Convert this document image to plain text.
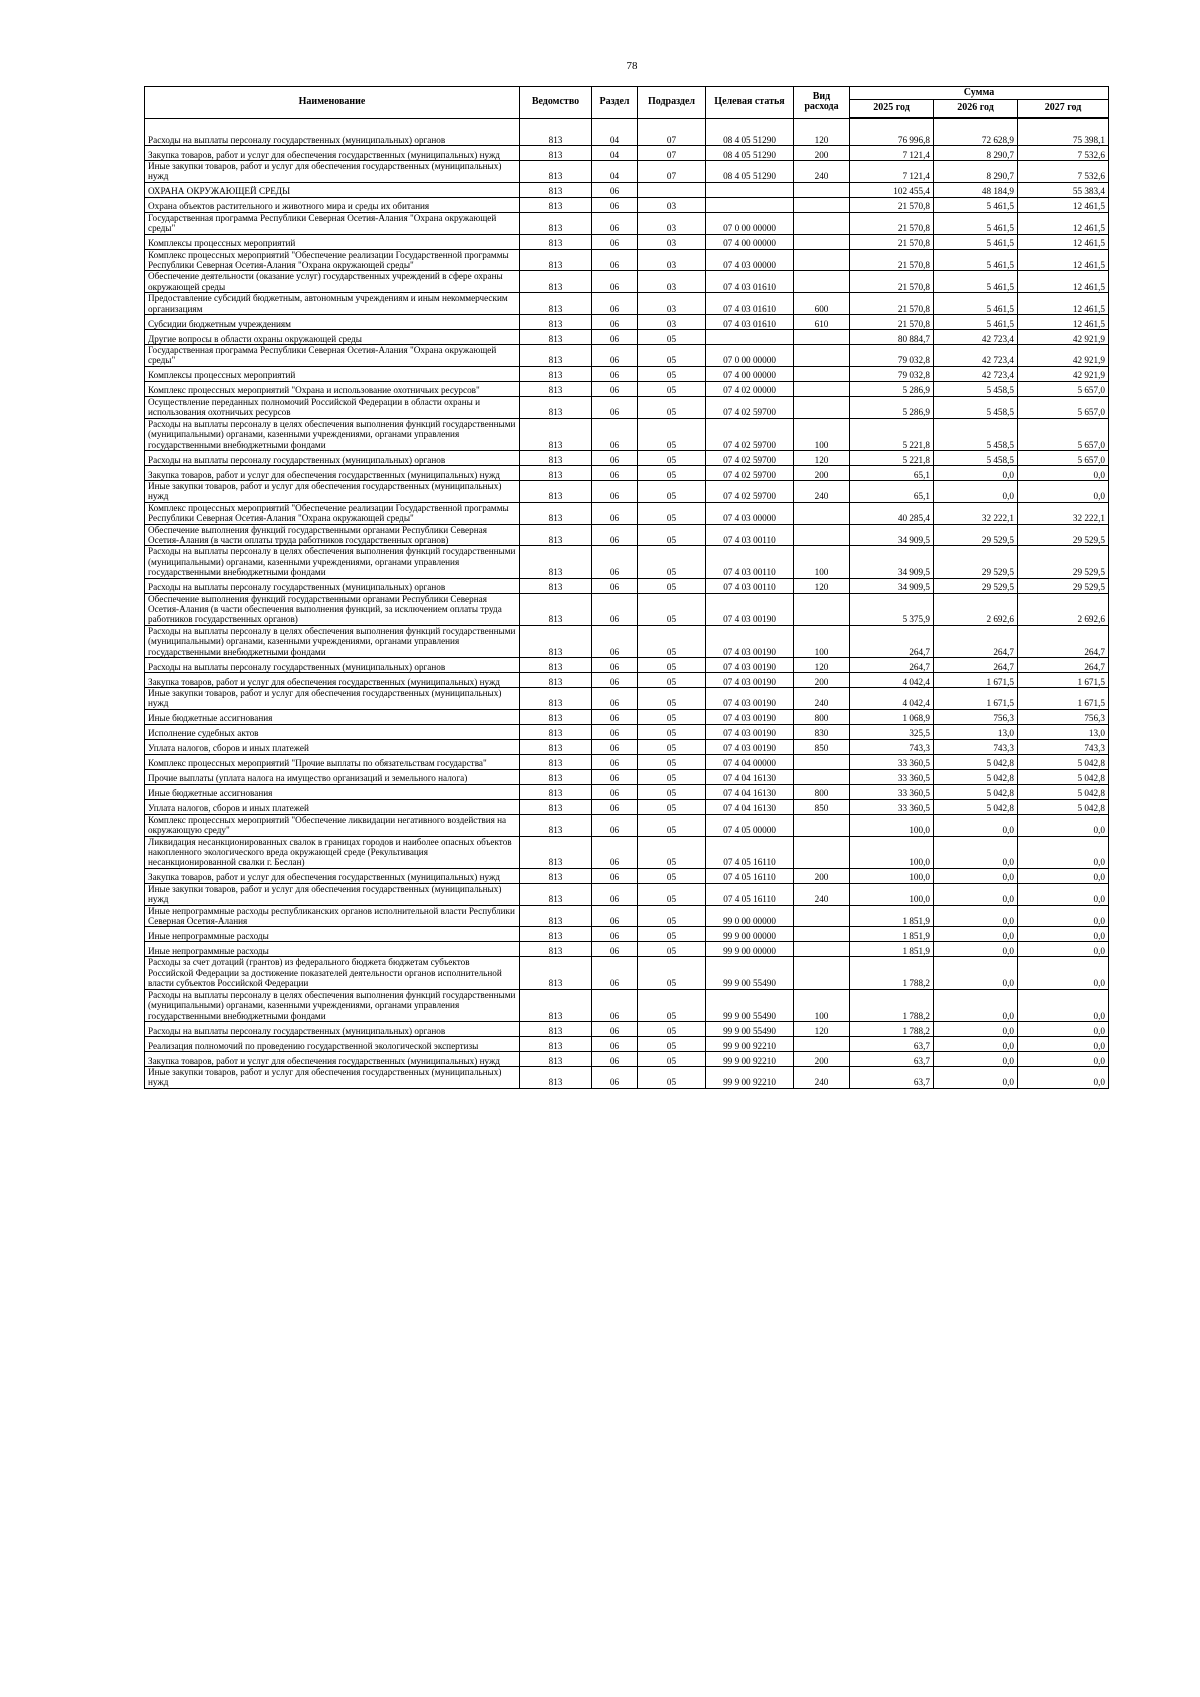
78
Наименование	Ведомство	Раздел	Подраздел	Целевая статья	Вид расхода	Сумма		
						2025 год	2026 год	2027 год
Расходы на выплаты персоналу государственных (муниципальных) органов	813	04	07	08 4 05 51290	120	76 996,8	72 628,9	75 398,1
Закупка товаров, работ и услуг для обеспечения государственных (муниципальных) нужд	813	04	07	08 4 05 51290	200	7 121,4	8 290,7	7 532,6
Иные закупки товаров, работ и услуг для обеспечения государственных (муниципальных) нужд	813	04	07	08 4 05 51290	240	7 121,4	8 290,7	7 532,6
ОХРАНА ОКРУЖАЮЩЕЙ СРЕДЫ	813	06				102 455,4	48 184,9	55 383,4
Охрана объектов растительного и животного мира и среды их обитания	813	06	03			21 570,8	5 461,5	12 461,5
Государственная программа Республики Северная Осетия-Алания "Охрана окружающей среды"	813	06	03	07 0 00 00000		21 570,8	5 461,5	12 461,5
Комплексы процессных мероприятий	813	06	03	07 4 00 00000		21 570,8	5 461,5	12 461,5
Комплекс процессных мероприятий "Обеспечение реализации Государственной программы Республики Северная Осетия-Алания "Охрана окружающей среды"	813	06	03	07 4 03 00000		21 570,8	5 461,5	12 461,5
Обеспечение деятельности (оказание услуг) государственных учреждений в сфере охраны окружающей среды	813	06	03	07 4 03 01610		21 570,8	5 461,5	12 461,5
Предоставление субсидий бюджетным, автономным учреждениям и иным некоммерческим организациям	813	06	03	07 4 03 01610	600	21 570,8	5 461,5	12 461,5
Субсидии бюджетным учреждениям	813	06	03	07 4 03 01610	610	21 570,8	5 461,5	12 461,5
Другие вопросы в области охраны окружающей среды	813	06	05			80 884,7	42 723,4	42 921,9
Государственная программа Республики Северная Осетия-Алания "Охрана окружающей среды"	813	06	05	07 0 00 00000		79 032,8	42 723,4	42 921,9
Комплексы процессных мероприятий	813	06	05	07 4 00 00000		79 032,8	42 723,4	42 921,9
Комплекс процессных мероприятий "Охрана и использование охотничьих ресурсов"	813	06	05	07 4 02 00000		5 286,9	5 458,5	5 657,0
Осуществление переданных полномочий Российской Федерации в области охраны и использования охотничьих ресурсов	813	06	05	07 4 02 59700		5 286,9	5 458,5	5 657,0
Расходы на выплаты персоналу в целях обеспечения выполнения функций государственными (муниципальными) органами, казенными учреждениями, органами управления государственными внебюджетными фондами	813	06	05	07 4 02 59700	100	5 221,8	5 458,5	5 657,0
Расходы на выплаты персоналу государственных (муниципальных) органов	813	06	05	07 4 02 59700	120	5 221,8	5 458,5	5 657,0
Закупка товаров, работ и услуг для обеспечения государственных (муниципальных) нужд	813	06	05	07 4 02 59700	200	65,1	0,0	0,0
Иные закупки товаров, работ и услуг для обеспечения государственных (муниципальных) нужд	813	06	05	07 4 02 59700	240	65,1	0,0	0,0
Комплекс процессных мероприятий "Обеспечение реализации Государственной программы Республики Северная Осетия-Алания "Охрана окружающей среды"	813	06	05	07 4 03 00000		40 285,4	32 222,1	32 222,1
Обеспечение выполнения функций государственными органами Республики Северная Осетия-Алания (в части оплаты труда работников государственных органов)	813	06	05	07 4 03 00110		34 909,5	29 529,5	29 529,5
Расходы на выплаты персоналу в целях обеспечения выполнения функций государственными (муниципальными) органами, казенными учреждениями, органами управления государственными внебюджетными фондами	813	06	05	07 4 03 00110	100	34 909,5	29 529,5	29 529,5
Расходы на выплаты персоналу государственных (муниципальных) органов	813	06	05	07 4 03 00110	120	34 909,5	29 529,5	29 529,5
Обеспечение выполнения функций государственными органами Республики Северная Осетия-Алания (в части обеспечения выполнения функций, за исключением оплаты труда работников государственных органов)	813	06	05	07 4 03 00190		5 375,9	2 692,6	2 692,6
Расходы на выплаты персоналу в целях обеспечения выполнения функций государственными (муниципальными) органами, казенными учреждениями, органами управления государственными внебюджетными фондами	813	06	05	07 4 03 00190	100	264,7	264,7	264,7
Расходы на выплаты персоналу государственных (муниципальных) органов	813	06	05	07 4 03 00190	120	264,7	264,7	264,7
Закупка товаров, работ и услуг для обеспечения государственных (муниципальных) нужд	813	06	05	07 4 03 00190	200	4 042,4	1 671,5	1 671,5
Иные закупки товаров, работ и услуг для обеспечения государственных (муниципальных) нужд	813	06	05	07 4 03 00190	240	4 042,4	1 671,5	1 671,5
Иные бюджетные ассигнования	813	06	05	07 4 03 00190	800	1 068,9	756,3	756,3
Исполнение судебных актов	813	06	05	07 4 03 00190	830	325,5	13,0	13,0
Уплата налогов, сборов и иных платежей	813	06	05	07 4 03 00190	850	743,3	743,3	743,3
Комплекс процессных мероприятий "Прочие выплаты по обязательствам государства"	813	06	05	07 4 04 00000		33 360,5	5 042,8	5 042,8
Прочие выплаты (уплата налога на имущество организаций и земельного налога)	813	06	05	07 4 04 16130		33 360,5	5 042,8	5 042,8
Иные бюджетные ассигнования	813	06	05	07 4 04 16130	800	33 360,5	5 042,8	5 042,8
Уплата налогов, сборов и иных платежей	813	06	05	07 4 04 16130	850	33 360,5	5 042,8	5 042,8
Комплекс процессных мероприятий "Обеспечение ликвидации негативного воздействия на окружающую среду"	813	06	05	07 4 05 00000		100,0	0,0	0,0
Ликвидация несанкционированных свалок в границах городов и наиболее опасных объектов накопленного экологического вреда окружающей среде (Рекультивация несанкционированной свалки г. Беслан)	813	06	05	07 4 05 16110		100,0	0,0	0,0
Закупка товаров, работ и услуг для обеспечения государственных (муниципальных) нужд	813	06	05	07 4 05 16110	200	100,0	0,0	0,0
Иные закупки товаров, работ и услуг для обеспечения государственных (муниципальных) нужд	813	06	05	07 4 05 16110	240	100,0	0,0	0,0
Иные непрограммные расходы республиканских органов исполнительной власти Республики Северная Осетия-Алания	813	06	05	99 0 00 00000		1 851,9	0,0	0,0
Иные непрограммные расходы	813	06	05	99 9 00 00000		1 851,9	0,0	0,0
Иные непрограммные расходы	813	06	05	99 9 00 00000		1 851,9	0,0	0,0
Расходы за счет дотаций (грантов) из федерального бюджета бюджетам субъектов Российской Федерации за достижение показателей деятельности органов исполнительной власти субъектов Российской Федерации	813	06	05	99 9 00 55490		1 788,2	0,0	0,0
Расходы на выплаты персоналу в целях обеспечения выполнения функций государственными (муниципальными) органами, казенными учреждениями, органами управления государственными внебюджетными фондами	813	06	05	99 9 00 55490	100	1 788,2	0,0	0,0
Расходы на выплаты персоналу государственных (муниципальных) органов	813	06	05	99 9 00 55490	120	1 788,2	0,0	0,0
Реализация полномочий по проведению государственной экологической экспертизы	813	06	05	99 9 00 92210		63,7	0,0	0,0
Закупка товаров, работ и услуг для обеспечения государственных (муниципальных) нужд	813	06	05	99 9 00 92210	200	63,7	0,0	0,0
Иные закупки товаров, работ и услуг для обеспечения государственных (муниципальных) нужд	813	06	05	99 9 00 92210	240	63,7	0,0	0,0
